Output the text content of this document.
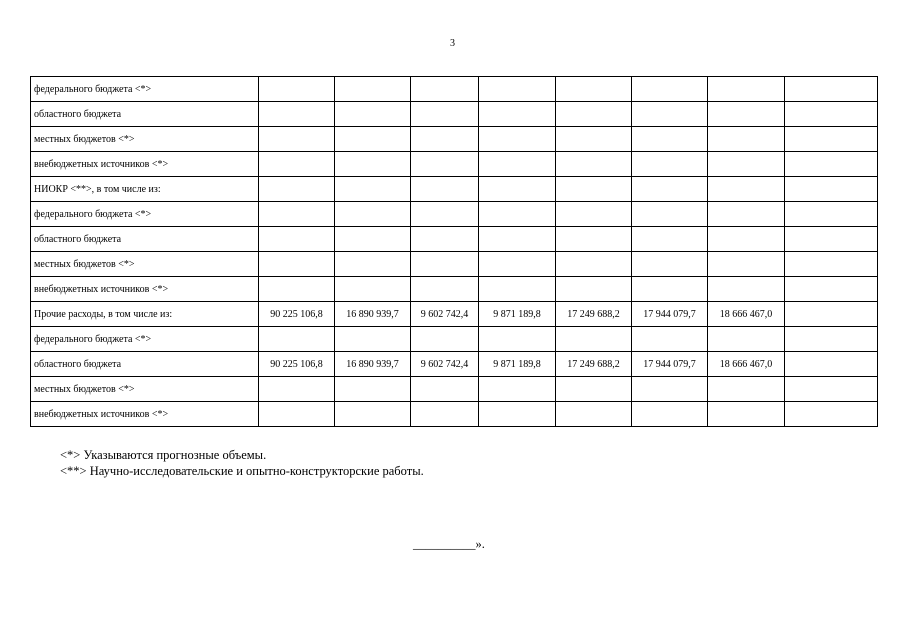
3
федерального бюджета <*>								
областного бюджета								
местных бюджетов <*>								
внебюджетных источников <*>								
НИОКР <**>, в том числе из:								
федерального бюджета <*>								
областного бюджета								
местных бюджетов <*>								
внебюджетных источников <*>								
Прочие расходы, в том числе из:	90 225 106,8	16 890 939,7	9 602 742,4	9 871 189,8	17 249 688,2	17 944 079,7	18 666 467,0	
федерального бюджета <*>								
областного бюджета	90 225 106,8	16 890 939,7	9 602 742,4	9 871 189,8	17 249 688,2	17 944 079,7	18 666 467,0	
местных бюджетов <*>								
внебюджетных источников <*>								
<*> Указываются прогнозные объемы.
<**> Научно-исследовательские и опытно-конструкторские работы.
__________».
